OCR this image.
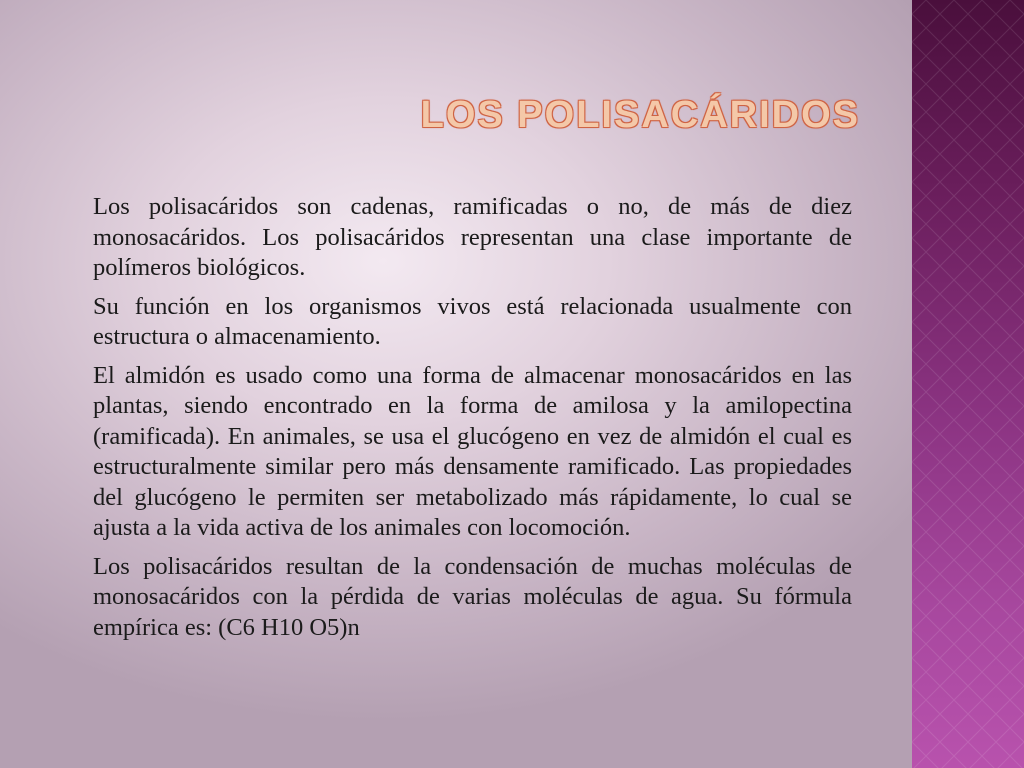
LOS POLISACÁRIDOS

Los polisacáridos son cadenas, ramificadas o no, de más de diez monosacáridos. Los polisacáridos representan una clase importante de polímeros biológicos.

Su función en los organismos vivos está relacionada usualmente con estructura o almacenamiento.

El almidón es usado como una forma de almacenar monosacáridos en las plantas, siendo encontrado en la forma de amilosa y la amilopectina (ramificada). En animales, se usa el glucógeno en vez de almidón el cual es estructuralmente similar pero más densamente ramificado. Las propiedades del glucógeno le permiten ser metabolizado más rápidamente, lo cual se ajusta a la vida activa de los animales con locomoción.

Los polisacáridos resultan de la condensación de muchas moléculas de monosacáridos con la pérdida de varias moléculas de agua. Su fórmula empírica es: (C6 H10 O5)n
